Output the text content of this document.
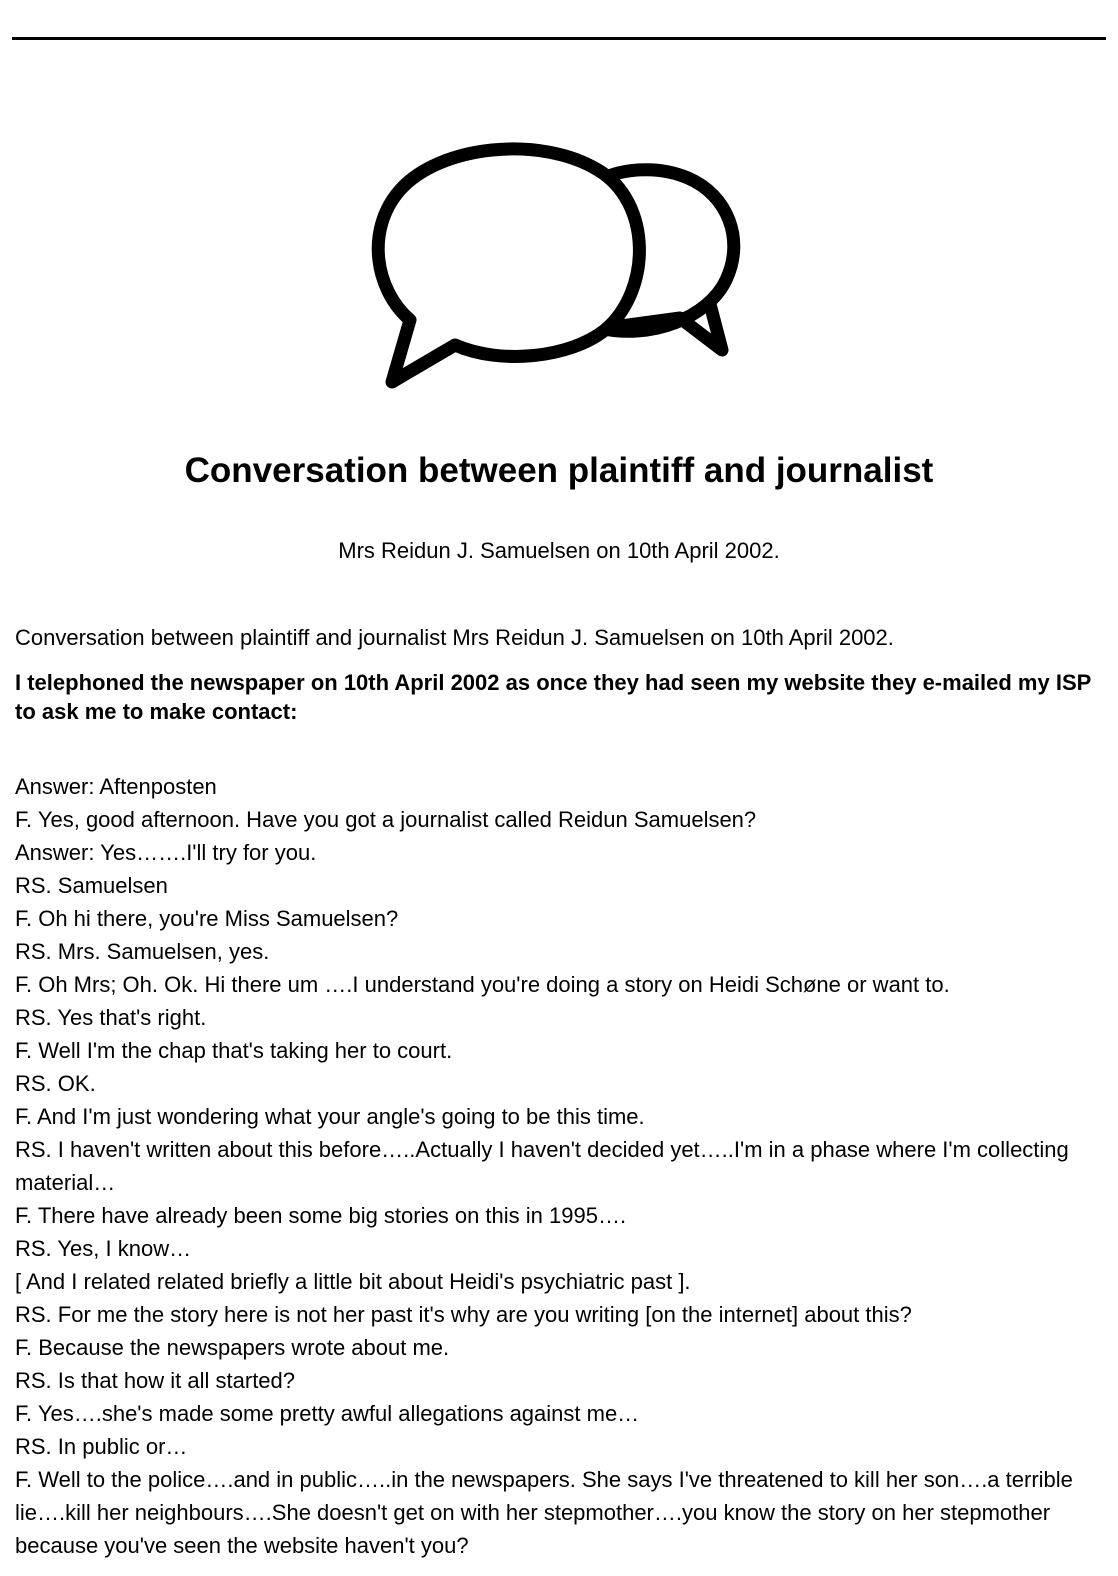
Conversation between plaintiff and journalist

Mrs Reidun J. Samuelsen on 10th April 2002.

Conversation between plaintiff and journalist Mrs Reidun J. Samuelsen on 10th April 2002.

I telephoned the newspaper on 10th April 2002 as once they had seen my website they e-mailed my ISP to ask me to make contact:

Answer: Aftenposten
F. Yes, good afternoon. Have you got a journalist called Reidun Samuelsen?
Answer: Yes…….I'll try for you.
RS. Samuelsen
F. Oh hi there, you're Miss Samuelsen?
RS. Mrs. Samuelsen, yes.
F. Oh Mrs; Oh. Ok. Hi there um ….I understand you're doing a story on Heidi Schøne or want to.
RS. Yes that's right.
F. Well I'm the chap that's taking her to court.
RS. OK.
F. And I'm just wondering what your angle's going to be this time.
RS. I haven't written about this before…..Actually I haven't decided yet…..I'm in a phase where I'm collecting material…
F. There have already been some big stories on this in 1995….
RS. Yes, I know…
[ And I related related briefly a little bit about Heidi's psychiatric past ].
RS. For me the story here is not her past it's why are you writing [on the internet] about this?
F. Because the newspapers wrote about me.
RS. Is that how it all started?
F. Yes….she's made some pretty awful allegations against me…
RS. In public or…
F. Well to the police….and in public…..in the newspapers. She says I've threatened to kill her son….a terrible lie….kill her neighbours….She doesn't get on with her stepmother….you know the story on her stepmother because you've seen the website haven't you?
